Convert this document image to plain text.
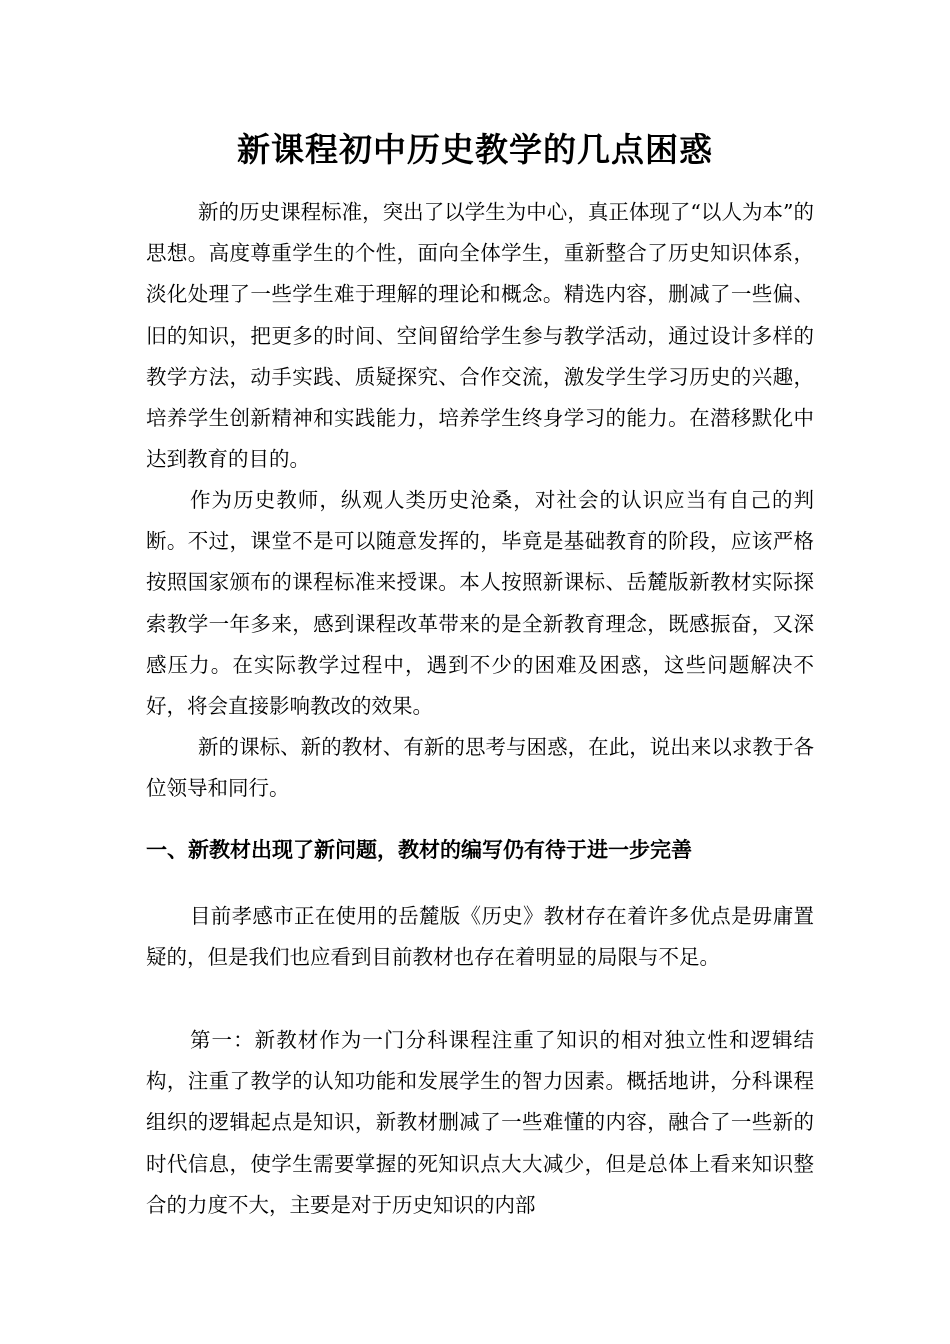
新课程初中历史教学的几点困惑

新的历史课程标准，突出了以学生为中心，真正体现了“以人为本”的思想。高度尊重学生的个性，面向全体学生，重新整合了历史知识体系，淡化处理了一些学生难于理解的理论和概念。精选内容，删减了一些偏、旧的知识，把更多的时间、空间留给学生参与教学活动，通过设计多样的教学方法，动手实践、质疑探究、合作交流，激发学生学习历史的兴趣，培养学生创新精神和实践能力，培养学生终身学习的能力。在潜移默化中达到教育的目的。

作为历史教师，纵观人类历史沧桑，对社会的认识应当有自己的判断。不过，课堂不是可以随意发挥的，毕竟是基础教育的阶段，应该严格按照国家颁布的课程标准来授课。本人按照新课标、岳麓版新教材实际探索教学一年多来，感到课程改革带来的是全新教育理念，既感振奋，又深感压力。在实际教学过程中，遇到不少的困难及困惑，这些问题解决不好，将会直接影响教改的效果。

新的课标、新的教材、有新的思考与困惑，在此，说出来以求教于各位领导和同行。

一、新教材出现了新问题，教材的编写仍有待于进一步完善

目前孝感市正在使用的岳麓版《历史》教材存在着许多优点是毋庸置疑的，但是我们也应看到目前教材也存在着明显的局限与不足。

第一：新教材作为一门分科课程注重了知识的相对独立性和逻辑结构，注重了教学的认知功能和发展学生的智力因素。概括地讲，分科课程组织的逻辑起点是知识，新教材删减了一些难懂的内容，融合了一些新的时代信息，使学生需要掌握的死知识点大大减少，但是总体上看来知识整合的力度不大，主要是对于历史知识的内部
